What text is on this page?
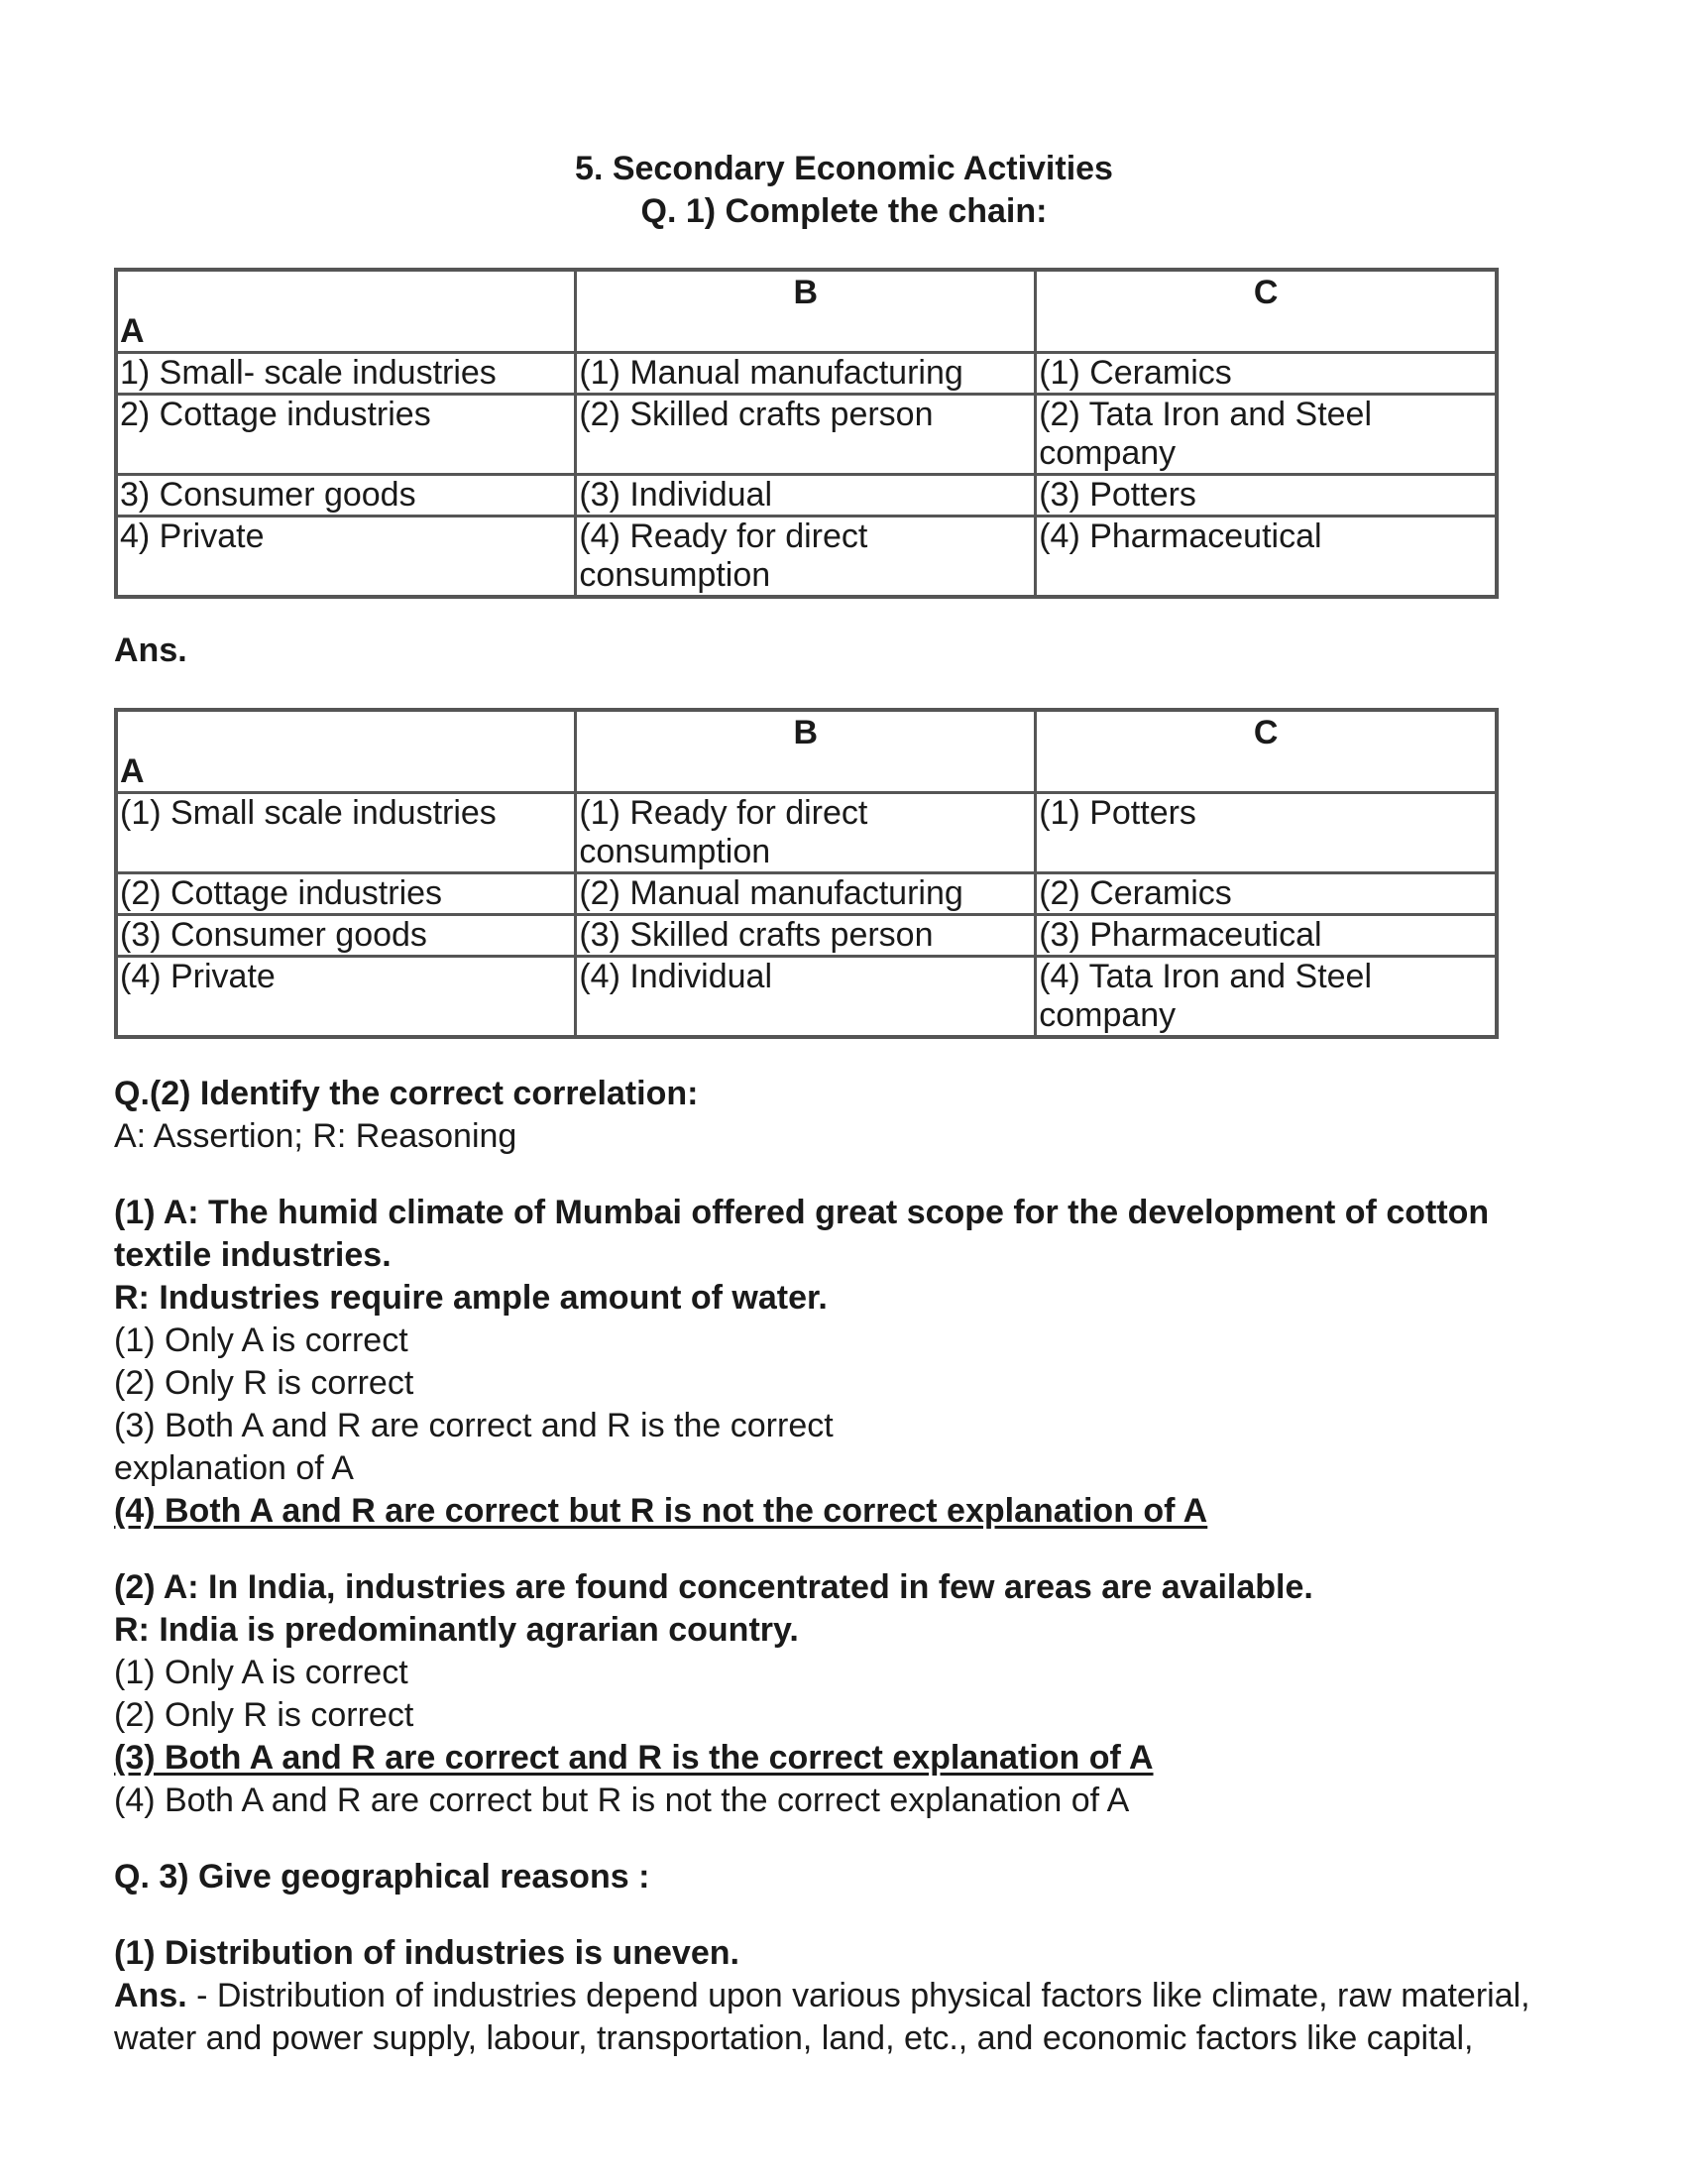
5. Secondary Economic Activities
Q. 1) Complete the chain:
A	B	C
1) Small- scale industries	(1) Manual manufacturing	(1) Ceramics
2) Cottage industries	(2) Skilled crafts person	(2) Tata Iron and Steel company
3) Consumer goods	(3) Individual	(3) Potters
4) Private	(4) Ready for direct consumption	(4) Pharmaceutical
Ans.
A	B	C
(1) Small scale industries	(1) Ready for direct consumption	(1) Potters
(2) Cottage industries	(2) Manual manufacturing	(2) Ceramics
(3) Consumer goods	(3) Skilled crafts person	(3) Pharmaceutical
(4) Private	(4) Individual	(4) Tata Iron and Steel company
Q.(2) Identify the correct correlation:
A: Assertion; R: Reasoning
(1) A: The humid climate of Mumbai offered great scope for the development of cotton
textile industries.
R: Industries require ample amount of water.
(1) Only A is correct
(2) Only R is correct
(3) Both A and R are correct and R is the correct
explanation of A
(4) Both A and R are correct but R is not the correct explanation of A
(2) A: In India, industries are found concentrated in few areas are available.
R: India is predominantly agrarian country.
(1) Only A is correct
(2) Only R is correct
(3) Both A and R are correct and R is the correct explanation of A
(4) Both A and R are correct but R is not the correct explanation of A
Q. 3) Give geographical reasons :
(1) Distribution of industries is uneven.
Ans. - Distribution of industries depend upon various physical factors like climate, raw material,
water and power supply, labour, transportation, land, etc., and economic factors like capital,
